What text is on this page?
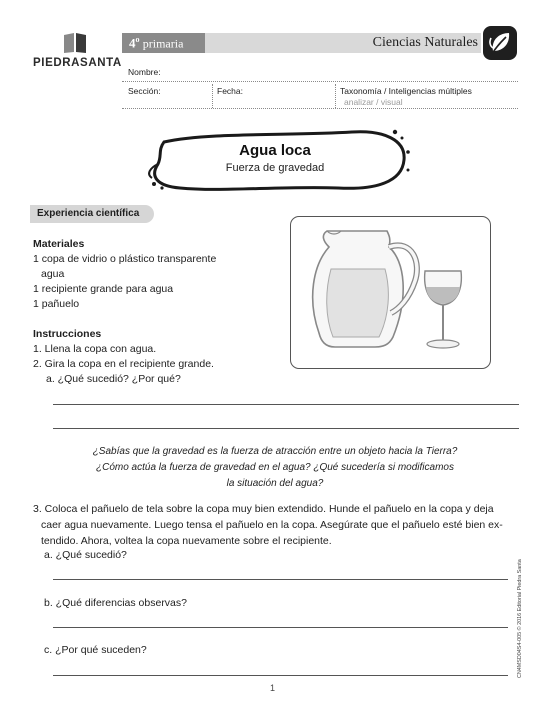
PIEDRASANTA
4$^o$ primaria	Ciencias Naturales
Nombre:
Sección:	Fecha:	Taxonomía / Inteligencias múltiples
analizar / visual
Agua loca
Fuerza de gravedad
Experiencia científica
Materiales
1 copa de vidrio o plástico transparente
agua
1 recipiente grande para agua
1 pañuelo
Instrucciones
1. Llena la copa con agua.
2. Gira la copa en el recipiente grande.
a. ¿Qué sucedió? ¿Por qué?
¿Sabías que la gravedad es la fuerza de atracción entre un objeto hacia la Tierra?
¿Cómo actúa la fuerza de gravedad en el agua? ¿Qué sucedería si modificamos
la situación del agua?
3. Coloca el pañuelo de tela sobre la copa muy bien extendido. Hunde el pañuelo en la copa y deja
caer agua nuevamente. Luego tensa el pañuelo en la copa. Asegúrate que el pañuelo esté bien ex-
tendido. Ahora, voltea la copa nuevamente sobre el recipiente.
a. ¿Qué sucedió?
b. ¿Qué diferencias observas?
c. ¿Por qué suceden?	CN4MSD04S4-005 © 2016 Editorial Piedra Santa
1
